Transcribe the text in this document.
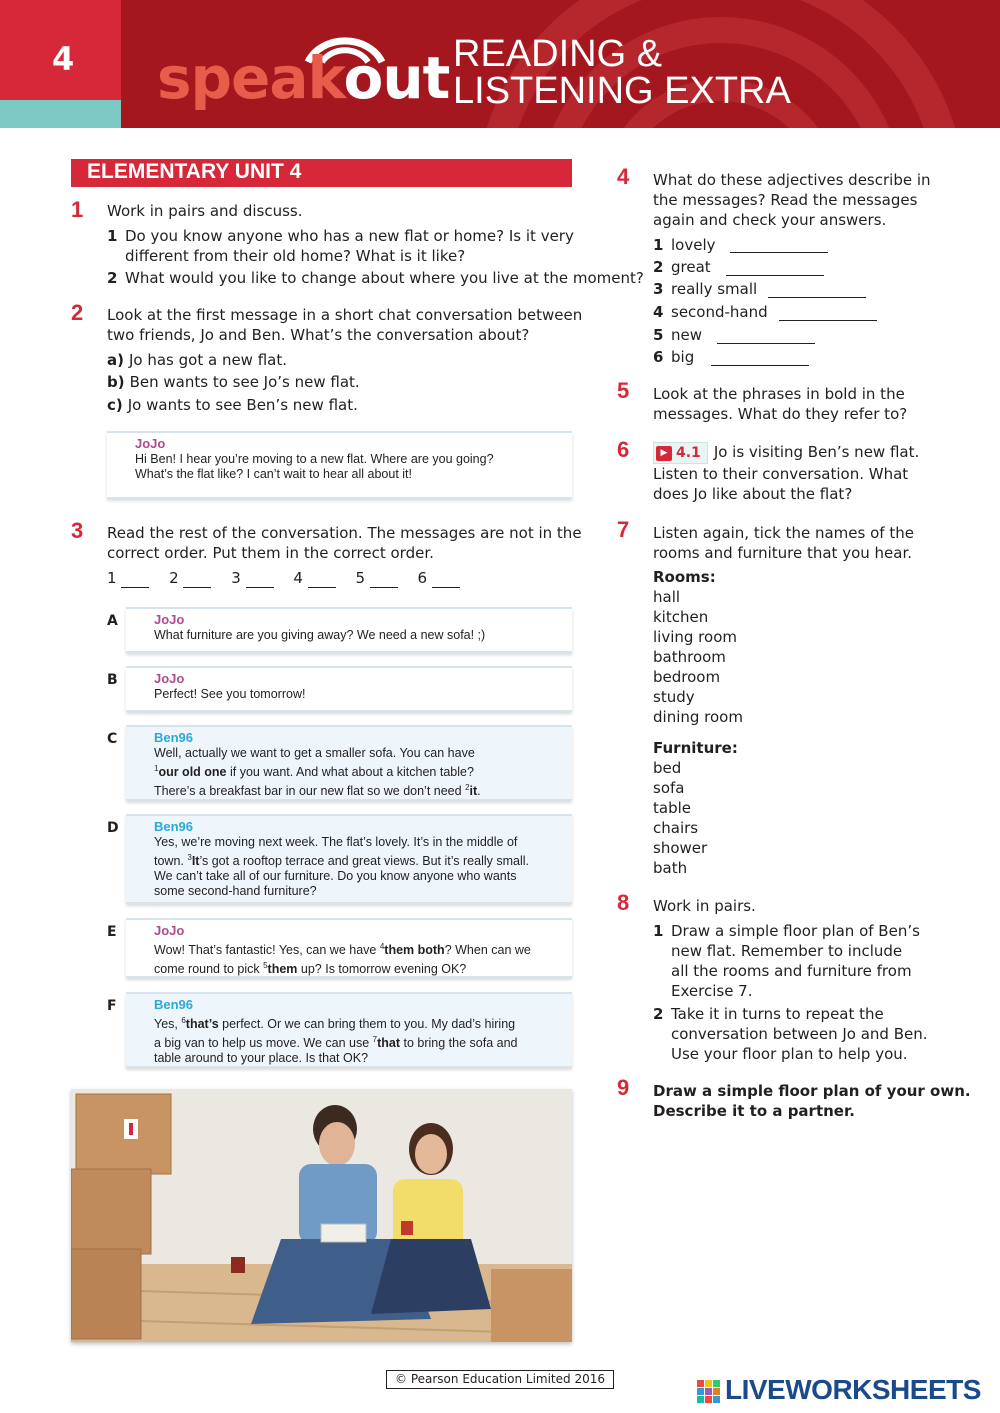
4 speakout READING &
LISTENING EXTRA
ELEMENTARY UNIT 4
1 Work in pairs and discuss.
1 Do you know anyone who has a new flat or home? Is it very
different from their old home? What is it like?
2 What would you like to change about where you live at the moment?
2 Look at the first message in a short chat conversation between
two friends, Jo and Ben. What’s the conversation about?
a) Jo has got a new flat.
b) Ben wants to see Jo’s new flat.
c) Jo wants to see Ben’s new flat.
JoJo
Hi Ben! I hear you’re moving to a new flat. Where are you going?
What’s the flat like? I can’t wait to hear all about it!
3 Read the rest of the conversation. The messages are not in the
correct order. Put them in the correct order.
1	2	3	4	5	6
A	JoJo
What furniture are you giving away? We need a new sofa! ;)
B	JoJo
Perfect! See you tomorrow!
C	Ben96
Well, actually we want to get a smaller sofa. You can have
$^1$our old one if you want. And what about a kitchen table?
There’s a breakfast bar in our new flat so we don’t need $^2$it.
D	Ben96
Yes, we’re moving next week. The flat’s lovely. It’s in the middle of
town. $^3$It’s got a rooftop terrace and great views. But it’s really small.
We can’t take all of our furniture. Do you know anyone who wants
some second-hand furniture?
E	JoJo
Wow! That’s fantastic! Yes, can we have $^4$them both? When can we
come round to pick $^5$them up? Is tomorrow evening OK?
F	Ben96
Yes, $^6$that’s perfect. Or we can bring them to you. My dad’s hiring
a big van to help us move. We can use $^7$that to bring the sofa and
table around to your place. Is that OK?
4 What do these adjectives describe in
the messages? Read the messages
again and check your answers.
1 lovely
2 great
3 really small
4 second-hand
5 new
6 big
5 Look at the phrases in bold in the
messages. What do they refer to?
6	▶ 4.1 Jo is visiting Ben’s new flat.
Listen to their conversation. What
does Jo like about the flat?
7 Listen again, tick the names of the
rooms and furniture that you hear.
Rooms:
hall
kitchen
living room
bathroom
bedroom
study
dining room
Furniture:
bed
sofa
table
chairs
shower
bath
8 Work in pairs.
1 Draw a simple floor plan of Ben’s
new flat. Remember to include
all the rooms and furniture from
Exercise 7.
2 Take it in turns to repeat the
conversation between Jo and Ben.
Use your floor plan to help you.
9 Draw a simple floor plan of your own.
Describe it to a partner.
© Pearson Education Limited 2016	LIVEWORKSHEETS
